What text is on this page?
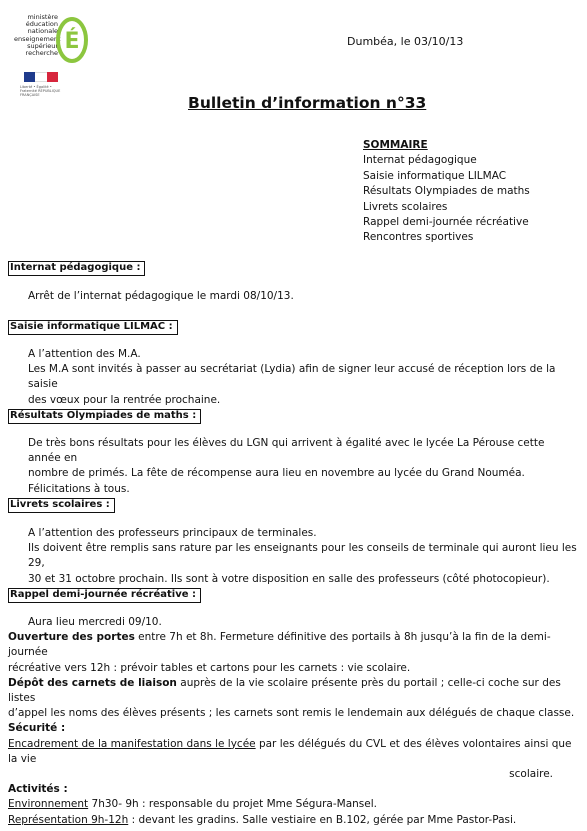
ministère
éducation
nationale
enseignement
supérieur
recherche É
Liberté • Égalité • Fraternité RÉPUBLIQUE FRANÇAISE
Dumbéa, le 03/10/13
Bulletin d’information n°33
SOMMAIRE
Internat pédagogique
Saisie informatique LILMAC
Résultats Olympiades de maths
Livrets scolaires
Rappel demi-journée récréative
Rencontres sportives
Internat pédagogique :

Arrêt de l’internat pédagogique le mardi 08/10/13.

Saisie informatique LILMAC :

A l’attention des M.A.

Les M.A sont invités à passer au secrétariat (Lydia) afin de signer leur accusé de réception lors de la saisie

des vœux pour la rentrée prochaine.

Résultats Olympiades de maths :

De très bons résultats pour les élèves du LGN qui arrivent à égalité avec le lycée La Pérouse cette année en

nombre de primés. La fête de récompense aura lieu en novembre au lycée du Grand Nouméa.

Félicitations à tous.

Livrets scolaires :

A l’attention des professeurs principaux de terminales.

Ils doivent être remplis sans rature par les enseignants pour les conseils de terminale qui auront lieu les 29,

30 et 31 octobre prochain. Ils sont à votre disposition en salle des professeurs (côté photocopieur).

Rappel demi-journée récréative :

Aura lieu mercredi 09/10.

Ouverture des portes entre 7h et 8h. Fermeture définitive des portails à 8h jusqu’à la fin de la demi-journée

récréative vers 12h : prévoir tables et cartons pour les carnets : vie scolaire.

Dépôt des carnets de liaison auprès de la vie scolaire présente près du portail ; celle-ci coche sur des listes

d’appel les noms des élèves présents ; les carnets sont remis le lendemain aux délégués de chaque classe.

Sécurité :

Encadrement de la manifestation dans le lycée par les délégués du CVL et des élèves volontaires ainsi que la vie

scolaire.

Activités :

Environnement 7h30- 9h : responsable du projet Mme Ségura-Mansel.

Représentation 9h-12h : devant les gradins. Salle vestiaire en B.102, gérée par Mme Pastor-Pasi.
